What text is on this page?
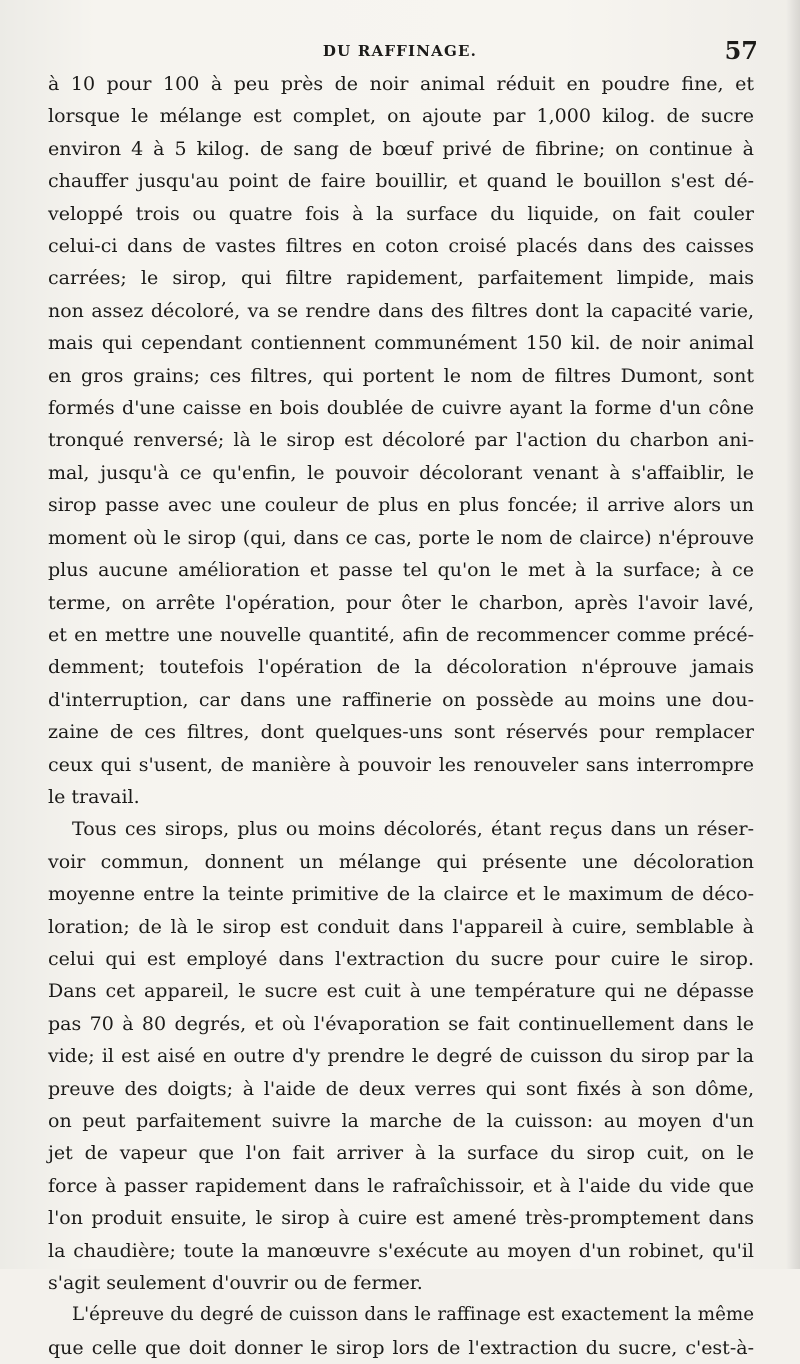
DU RAFFINAGE.	57

à 10 pour 100 à peu près de noir animal réduit en poudre fine, et
lorsque le mélange est complet, on ajoute par 1,000 kilog. de sucre
environ 4 à 5 kilog. de sang de bœuf privé de fibrine; on continue à
chauffer jusqu'au point de faire bouillir, et quand le bouillon s'est dé-
veloppé trois ou quatre fois à la surface du liquide, on fait couler
celui-ci dans de vastes filtres en coton croisé placés dans des caisses
carrées; le sirop, qui filtre rapidement, parfaitement limpide, mais
non assez décoloré, va se rendre dans des filtres dont la capacité varie,
mais qui cependant contiennent communément 150 kil. de noir animal
en gros grains; ces filtres, qui portent le nom de filtres Dumont, sont
formés d'une caisse en bois doublée de cuivre ayant la forme d'un cône
tronqué renversé; là le sirop est décoloré par l'action du charbon ani-
mal, jusqu'à ce qu'enfin, le pouvoir décolorant venant à s'affaiblir, le
sirop passe avec une couleur de plus en plus foncée; il arrive alors un
moment où le sirop (qui, dans ce cas, porte le nom de clairce) n'éprouve
plus aucune amélioration et passe tel qu'on le met à la surface; à ce
terme, on arrête l'opération, pour ôter le charbon, après l'avoir lavé,
et en mettre une nouvelle quantité, afin de recommencer comme précé-
demment; toutefois l'opération de la décoloration n'éprouve jamais
d'interruption, car dans une raffinerie on possède au moins une dou-
zaine de ces filtres, dont quelques-uns sont réservés pour remplacer
ceux qui s'usent, de manière à pouvoir les renouveler sans interrompre
le travail.

Tous ces sirops, plus ou moins décolorés, étant reçus dans un réser-
voir commun, donnent un mélange qui présente une décoloration
moyenne entre la teinte primitive de la clairce et le maximum de déco-
loration; de là le sirop est conduit dans l'appareil à cuire, semblable à
celui qui est employé dans l'extraction du sucre pour cuire le sirop.
Dans cet appareil, le sucre est cuit à une température qui ne dépasse
pas 70 à 80 degrés, et où l'évaporation se fait continuellement dans le
vide; il est aisé en outre d'y prendre le degré de cuisson du sirop par la
preuve des doigts; à l'aide de deux verres qui sont fixés à son dôme,
on peut parfaitement suivre la marche de la cuisson: au moyen d'un
jet de vapeur que l'on fait arriver à la surface du sirop cuit, on le
force à passer rapidement dans le rafraîchissoir, et à l'aide du vide que
l'on produit ensuite, le sirop à cuire est amené très-promptement dans
la chaudière; toute la manœuvre s'exécute au moyen d'un robinet, qu'il
s'agit seulement d'ouvrir ou de fermer.

L'épreuve du degré de cuisson dans le raffinage est exactement la même
que celle que doit donner le sirop lors de l'extraction du sucre, c'est-à-
